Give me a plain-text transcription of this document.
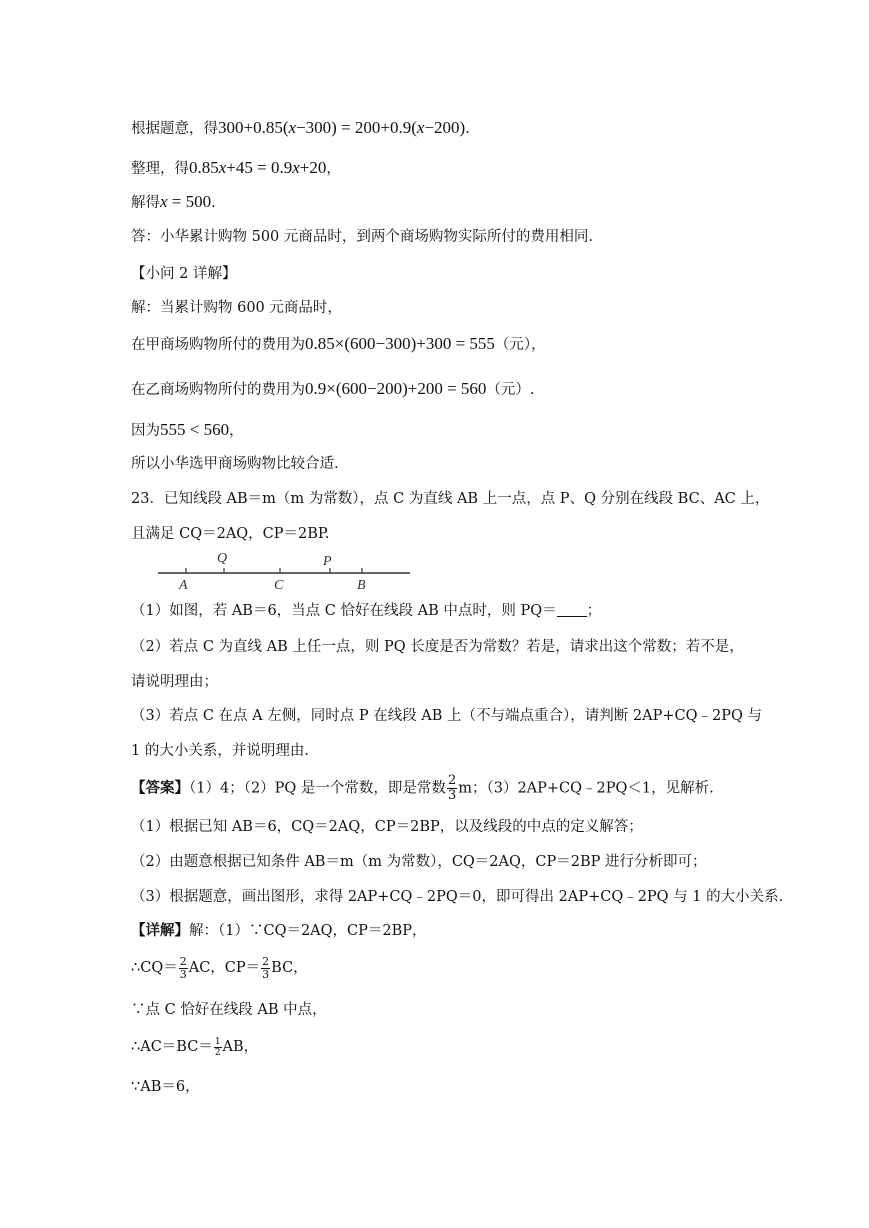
根据题意，得300+0.85(x−300) = 200+0.9(x−200).
整理，得0.85x+45 = 0.9x+20，
解得x = 500.
答：小华累计购物 500 元商品时，到两个商场购物实际所付的费用相同.
【小问 2 详解】
解：当累计购物 600 元商品时，
在甲商场购物所付的费用为0.85×(600−300)+300 = 555（元），
在乙商场购物所付的费用为0.9×(600−200)+200 = 560（元）.
因为555 < 560，
所以小华选甲商场购物比较合适.
23．已知线段 AB＝m（m 为常数），点 C 为直线 AB 上一点，点 P、Q 分别在线段 BC、AC 上，
且满足 CQ＝2AQ，CP＝2BP.
Q	P
A	C	B
（1）如图，若 AB＝6，当点 C 恰好在线段 AB 中点时，则 PQ＝ ；
（2）若点 C 为直线 AB 上任一点，则 PQ 长度是否为常数？若是，请求出这个常数；若不是，
请说明理由；
（3）若点 C 在点 A 左侧，同时点 P 在线段 AB 上（不与端点重合），请判断 2AP+CQ﹣2PQ 与
1 的大小关系，并说明理由.
【答案】（1）4；（2）PQ 是一个常数，即是常数 $\frac{2}{3}$ m；（3）2AP+CQ﹣2PQ＜1，见解析.
（1）根据已知 AB＝6，CQ＝2AQ，CP＝2BP，以及线段的中点的定义解答；
（2）由题意根据已知条件 AB＝m（m 为常数），CQ＝2AQ，CP＝2BP 进行分析即可；
（3）根据题意，画出图形，求得 2AP+CQ﹣2PQ＝0，即可得出 2AP+CQ﹣2PQ 与 1 的大小关系.
【详解】解：（1）∵CQ＝2AQ，CP＝2BP，
∴CQ＝ $\frac{2}{3}$ AC，$CP= \frac{2}{3}$ BC，
∵点 C 恰好在线段 AB 中点，
∴AC＝BC＝ $\frac{1}{2}$ AB，
∵AB＝6，
